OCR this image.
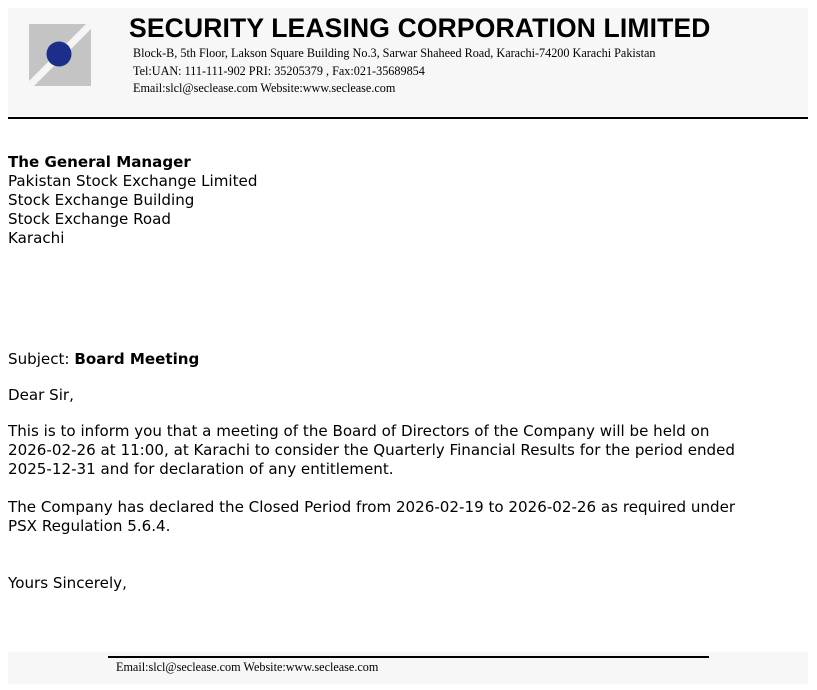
SECURITY LEASING CORPORATION LIMITED
Block-B, 5th Floor, Lakson Square Building No.3, Sarwar Shaheed Road, Karachi-74200 Karachi Pakistan
Tel:UAN: 111-111-902 PRI: 35205379 , Fax:021-35689854
Email:slcl@seclease.com Website:www.seclease.com
The General Manager
Pakistan Stock Exchange Limited
Stock Exchange Building
Stock Exchange Road
Karachi
Subject: Board Meeting
Dear Sir,
This is to inform you that a meeting of the Board of Directors of the Company will be held on
2026-02-26 at 11:00, at Karachi to consider the Quarterly Financial Results for the period ended
2025-12-31 and for declaration of any entitlement.
The Company has declared the Closed Period from 2026-02-19 to 2026-02-26 as required under
PSX Regulation 5.6.4.
Yours Sincerely,
Email:slcl@seclease.com Website:www.seclease.com
